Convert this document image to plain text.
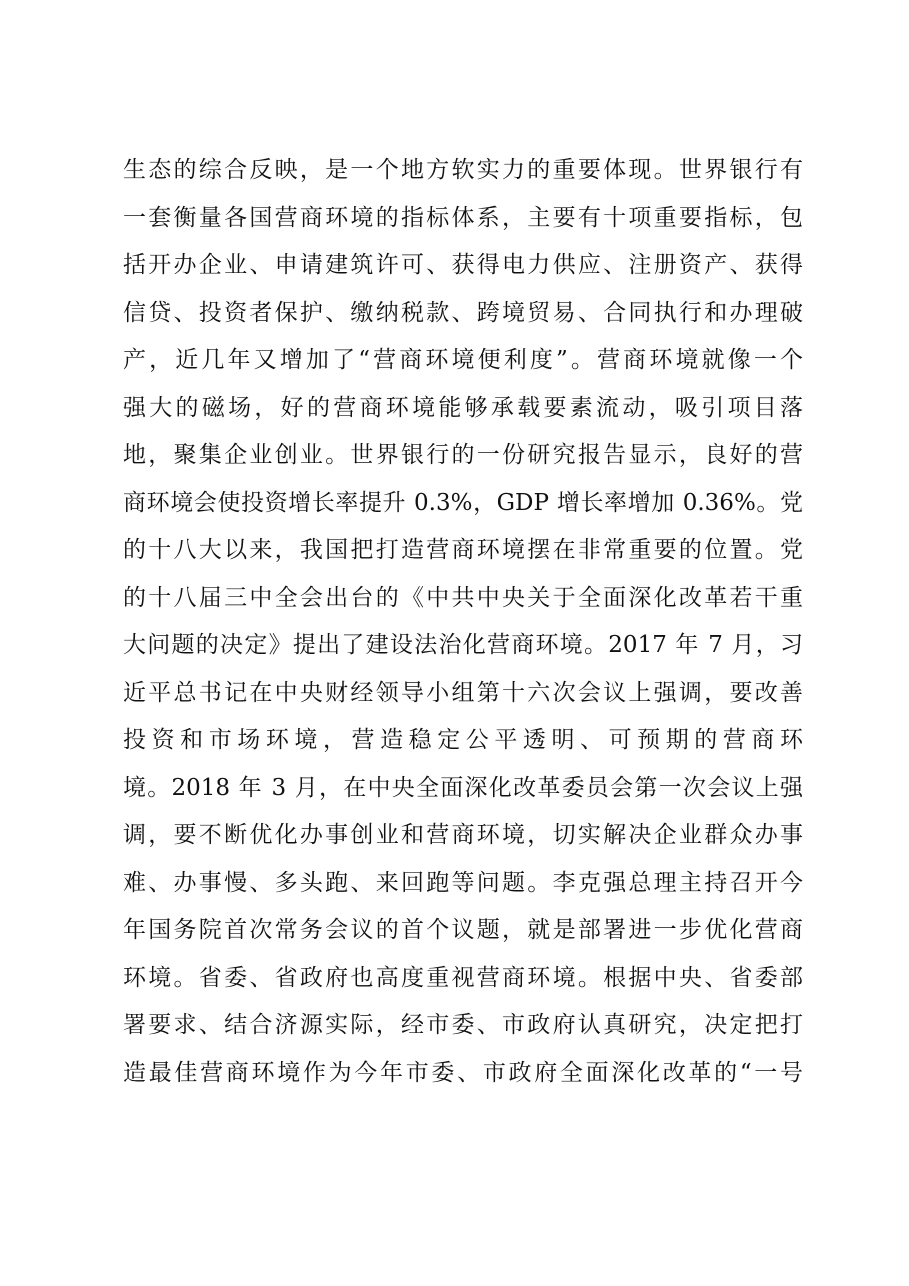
生态的综合反映，是一个地方软实力的重要体现。世界银行有
一套衡量各国营商环境的指标体系，主要有十项重要指标，包
括开办企业、申请建筑许可、获得电力供应、注册资产、获得
信贷、投资者保护、缴纳税款、跨境贸易、合同执行和办理破
产，近几年又增加了“营商环境便利度”。营商环境就像一个
强大的磁场，好的营商环境能够承载要素流动，吸引项目落
地，聚集企业创业。世界银行的一份研究报告显示，良好的营
商环境会使投资增长率提升 0.3%，GDP 增长率增加 0.36%。党
的十八大以来，我国把打造营商环境摆在非常重要的位置。党
的十八届三中全会出台的《中共中央关于全面深化改革若干重
大问题的决定》提出了建设法治化营商环境。2017 年 7 月，习
近平总书记在中央财经领导小组第十六次会议上强调，要改善
投资和市场环境，营造稳定公平透明、可预期的营商环
境。2018 年 3 月，在中央全面深化改革委员会第一次会议上强
调，要不断优化办事创业和营商环境，切实解决企业群众办事
难、办事慢、多头跑、来回跑等问题。李克强总理主持召开今
年国务院首次常务会议的首个议题，就是部署进一步优化营商
环境。省委、省政府也高度重视营商环境。根据中央、省委部
署要求、结合济源实际，经市委、市政府认真研究，决定把打
造最佳营商环境作为今年市委、市政府全面深化改革的“一号
